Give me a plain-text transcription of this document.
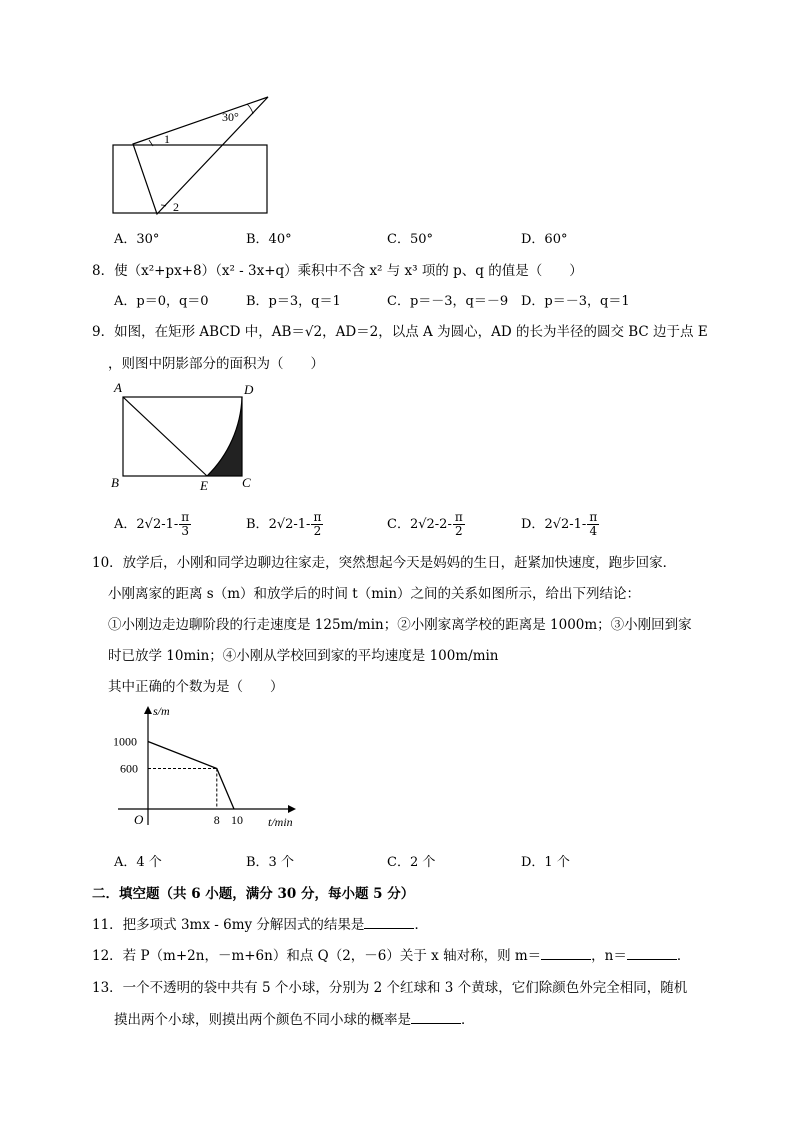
30°
1
2
A．30°	B．40°	C．50°	D．60°
8．使（x²+px+8）（x² - 3x+q）乘积中不含 x² 与 x³ 项的 p、q 的值是（　　）
A．p＝0，q＝0	B．p＝3，q＝1	C．p＝－3，q＝－9 D．p＝－3，q＝1
9．如图，在矩形 ABCD 中，AB＝√2，AD＝2，以点 A 为圆心，AD 的长为半径的圆交 BC 边于点 E
，则图中阴影部分的面积为（　　）
A	D
B	E	C
A．$2√2-1- \frac{\pi}{3}$	B．$2√2-1- \frac{\pi}{2}$	C．$2√2-2- \frac{\pi}{2}$	D．$2√2-1- \frac{\pi}{4}$
10．放学后，小刚和同学边聊边往家走，突然想起今天是妈妈的生日，赶紧加快速度，跑步回家．
小刚离家的距离 s（m）和放学后的时间 t（min）之间的关系如图所示，给出下列结论：
①小刚边走边聊阶段的行走速度是 125m/min；②小刚家离学校的距离是 1000m；③小刚回到家
时已放学 10min；④小刚从学校回到家的平均速度是 100m/min
其中正确的个数为是（　　）
s/m
t/min
O
1000
600
8 10
A．4 个	B．3 个	C．2 个	D．1 个
二．填空题（共 6 小题，满分 30 分，每小题 5 分）
11．把多项式 3mx - 6my 分解因式的结果是	．
12．若 P（m+2n，－m+6n）和点 Q（2，－6）关于 x 轴对称，则 m＝	，n＝	．
13．一个不透明的袋中共有 5 个小球，分别为 2 个红球和 3 个黄球，它们除颜色外完全相同，随机
摸出两个小球，则摸出两个颜色不同小球的概率是	．
